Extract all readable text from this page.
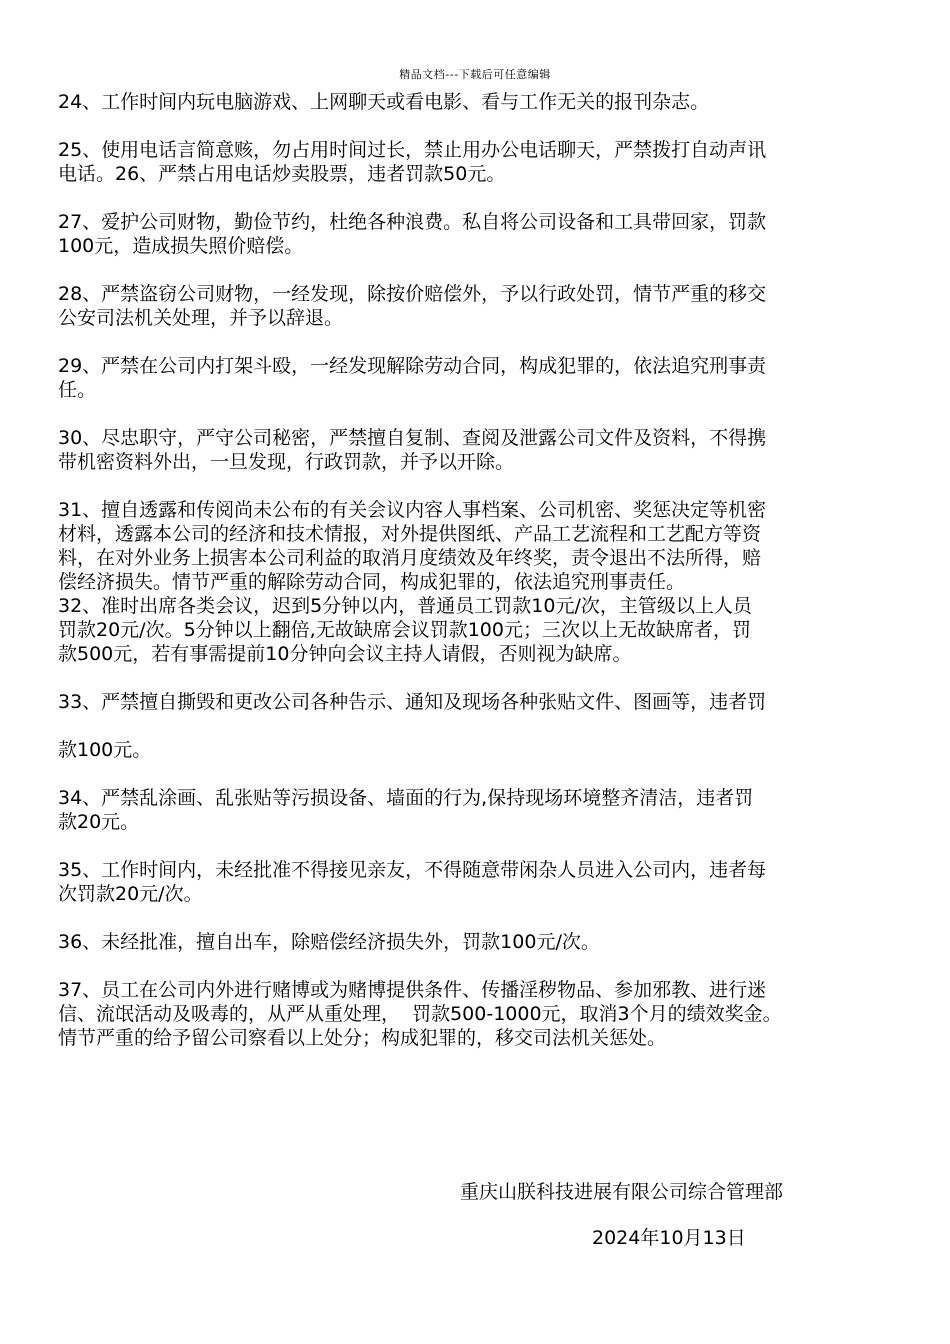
精品文档---下载后可任意编辑

24、工作时间内玩电脑游戏、上网聊天或看电影、看与工作无关的报刊杂志。

25、使用电话言简意赅，勿占用时间过长，禁止用办公电话聊天，严禁拨打自动声讯
电话。26、严禁占用电话炒卖股票，违者罚款50元。

27、爱护公司财物，勤俭节约，杜绝各种浪费。私自将公司设备和工具带回家，罚款
100元，造成损失照价赔偿。

28、严禁盗窃公司财物，一经发现，除按价赔偿外，予以行政处罚，情节严重的移交
公安司法机关处理，并予以辞退。

29、严禁在公司内打架斗殴，一经发现解除劳动合同，构成犯罪的，依法追究刑事责
任。

30、尽忠职守，严守公司秘密，严禁擅自复制、查阅及泄露公司文件及资料，不得携
带机密资料外出，一旦发现，行政罚款，并予以开除。

31、擅自透露和传阅尚未公布的有关会议内容人事档案、公司机密、奖惩决定等机密
材料，透露本公司的经济和技术情报，对外提供图纸、产品工艺流程和工艺配方等资
料，在对外业务上损害本公司利益的取消月度绩效及年终奖，责令退出不法所得，赔
偿经济损失。情节严重的解除劳动合同，构成犯罪的，依法追究刑事责任。

32、准时出席各类会议，迟到5分钟以内，普通员工罚款10元/次，主管级以上人员
罚款20元/次。5分钟以上翻倍,无故缺席会议罚款100元；三次以上无故缺席者，罚
款500元，若有事需提前10分钟向会议主持人请假，否则视为缺席。

33、严禁擅自撕毁和更改公司各种告示、通知及现场各种张贴文件、图画等，违者罚

款100元。

34、严禁乱涂画、乱张贴等污损设备、墙面的行为,保持现场环境整齐清洁，违者罚
款20元。

35、工作时间内，未经批准不得接见亲友，不得随意带闲杂人员进入公司内，违者每
次罚款20元/次。

36、未经批准，擅自出车，除赔偿经济损失外，罚款100元/次。

37、员工在公司内外进行赌博或为赌博提供条件、传播淫秽物品、参加邪教、进行迷
信、流氓活动及吸毒的，从严从重处理，  罚款500-1000元，取消3个月的绩效奖金。
情节严重的给予留公司察看以上处分；构成犯罪的，移交司法机关惩处。

重庆山朕科技进展有限公司综合管理部
2024年10月13日
